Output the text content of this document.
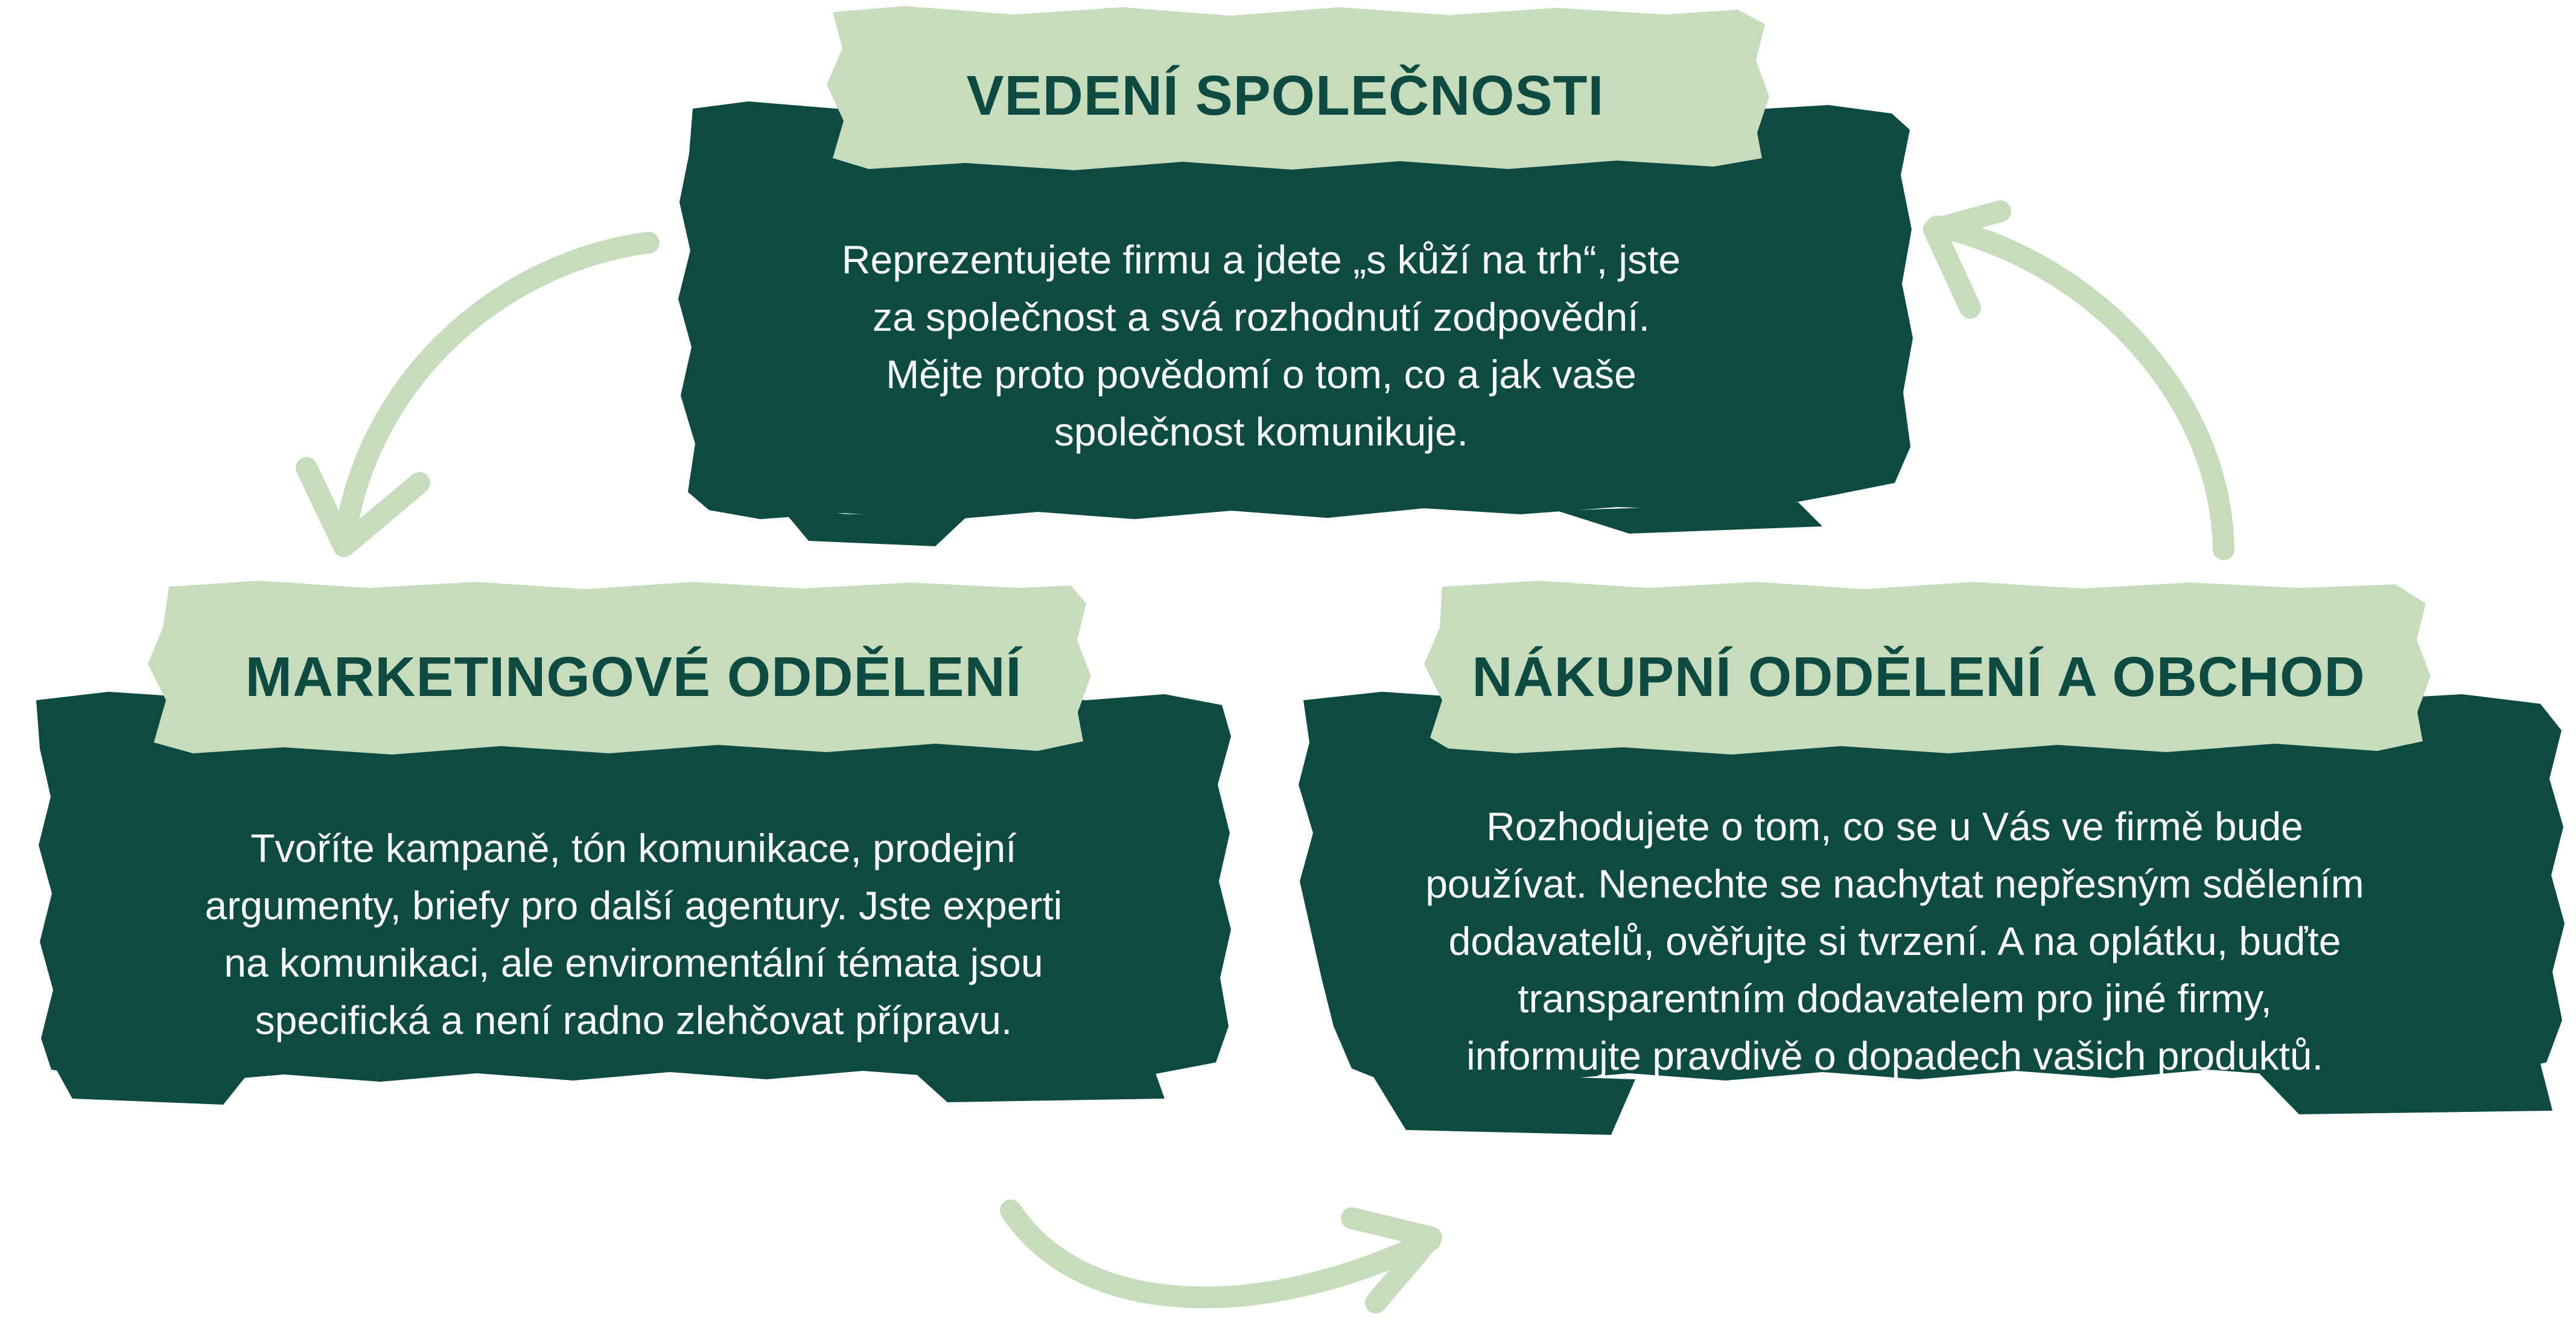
VEDENÍ SPOLEČNOSTI
Reprezentujete firmu a jdete „s kůží na trh“, jste
za společnost a svá rozhodnutí zodpovědní.
Mějte proto povědomí o tom, co a jak vaše
společnost komunikuje.
MARKETINGOVÉ ODDĚLENÍ
Tvoříte kampaně, tón komunikace, prodejní
argumenty, briefy pro další agentury. Jste experti
na komunikaci, ale enviromentální témata jsou
specifická a není radno zlehčovat přípravu.
NÁKUPNÍ ODDĚLENÍ A OBCHOD
Rozhodujete o tom, co se u Vás ve firmě bude
používat. Nenechte se nachytat nepřesným sdělením
dodavatelů, ověřujte si tvrzení. A na oplátku, buďte
transparentním dodavatelem pro jiné firmy,
informujte pravdivě o dopadech vašich produktů.
